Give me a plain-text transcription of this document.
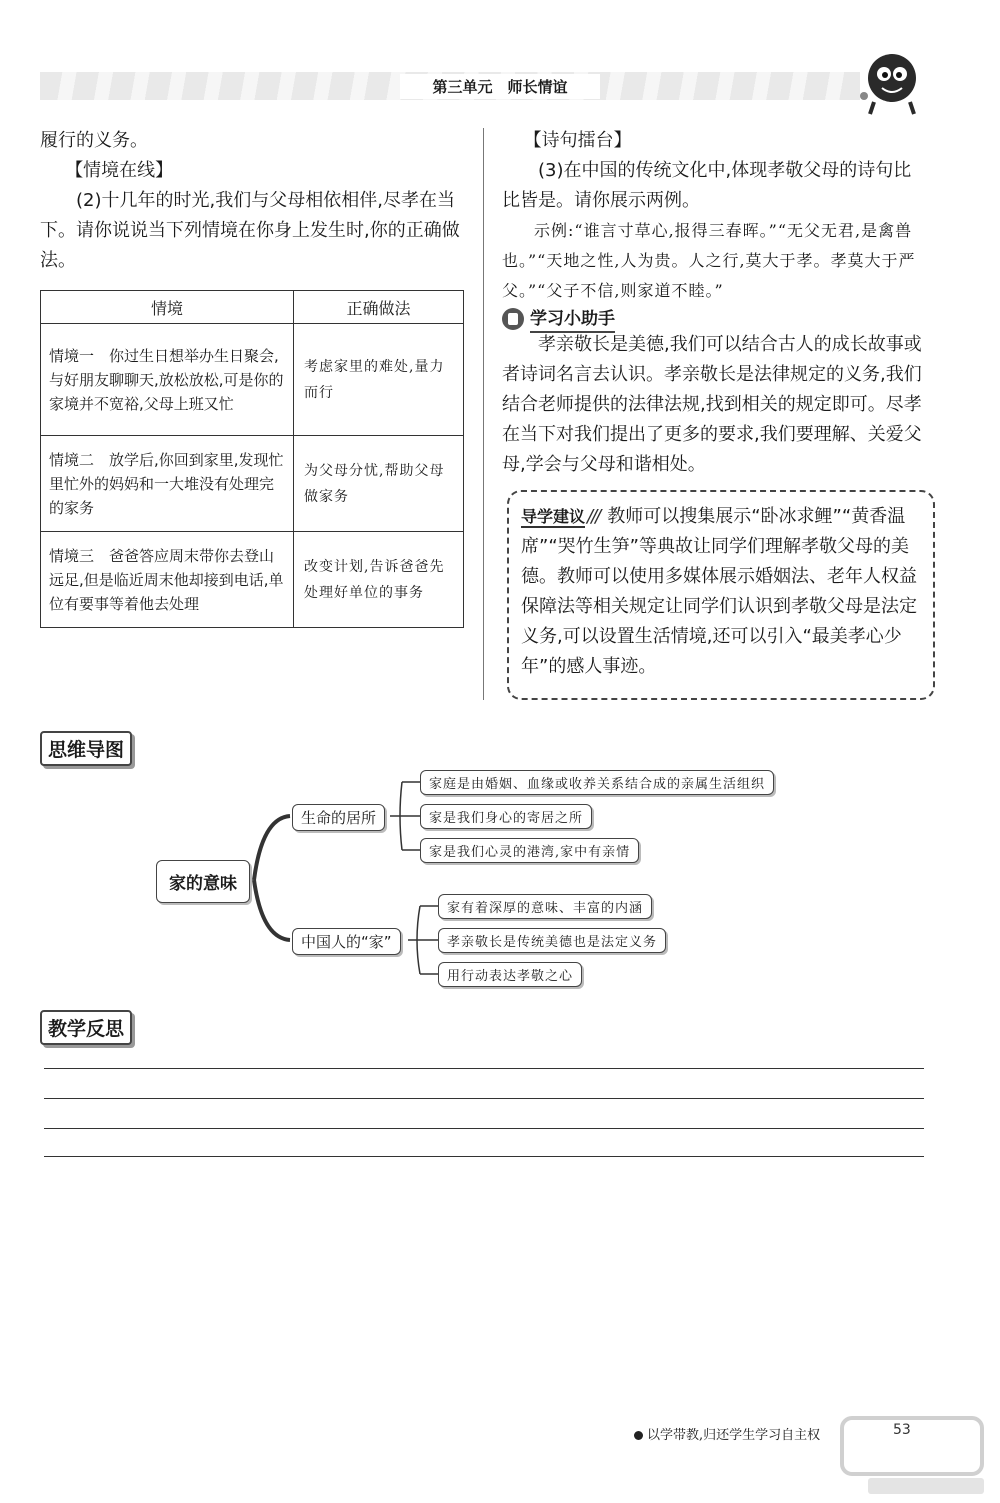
第三单元　师长情谊

履行的义务。

【情境在线】

(2)十几年的时光,我们与父母相依相伴,尽孝在当下。请你说说当下列情境在你身上发生时,你的正确做法。

情境	正确做法
情境一　你过生日想举办生日聚会,与好朋友聊聊天,放松放松,可是你的家境并不宽裕,父母上班又忙	考虑家里的难处,量力而行
情境二　放学后,你回到家里,发现忙里忙外的妈妈和一大堆没有处理完的家务	为父母分忧,帮助父母做家务
情境三　爸爸答应周末带你去登山远足,但是临近周末他却接到电话,单位有要事等着他去处理	改变计划,告诉爸爸先处理好单位的事务

【诗句擂台】

(3)在中国的传统文化中,体现孝敬父母的诗句比比皆是。请你展示两例。

示例:“谁言寸草心,报得三春晖。”“无父无君,是禽兽也。”“天地之性,人为贵。人之行,莫大于孝。孝莫大于严父。”“父子不信,则家道不睦。”

学习小助手

孝亲敬长是美德,我们可以结合古人的成长故事或者诗词名言去认识。孝亲敬长是法律规定的义务,我们结合老师提供的法律法规,找到相关的规定即可。尽孝在当下对我们提出了更多的要求,我们要理解、关爱父母,学会与父母和谐相处。

导学建议 /// 教师可以搜集展示“卧冰求鲤”“黄香温席”“哭竹生笋”等典故让同学们理解孝敬父母的美德。教师可以使用多媒体展示婚姻法、老年人权益保障法等相关规定让同学们认识到孝敬父母是法定义务,可以设置生活情境,还可以引入“最美孝心少年”的感人事迹。
思维导图
家的意味
生命的居所
家庭是由婚姻、血缘或收养关系结合成的亲属生活组织
家是我们身心的寄居之所
家是我们心灵的港湾,家中有亲情
中国人的“家”
家有着深厚的意味、丰富的内涵
孝亲敬长是传统美德也是法定义务
用行动表达孝敬之心
教学反思
以学带教,归还学生学习自主权	53
